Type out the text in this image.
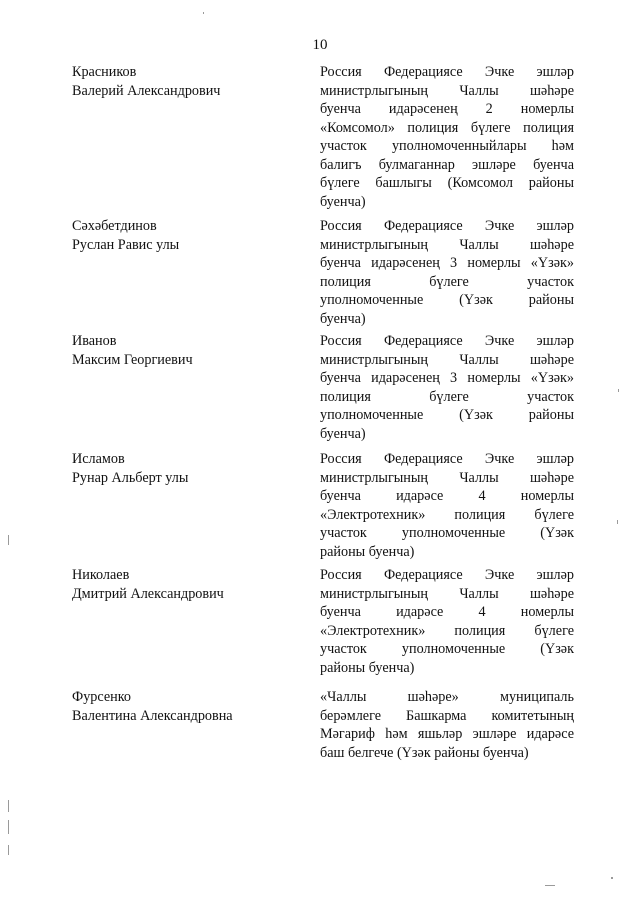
10
Красников
Валерий Александрович
Россия Федерациясе Эчке эшләр
министрлыгының Чаллы шәһәре
буенча идарәсенең 2 номерлы
«Комсомол» полиция бүлеге полиция
участок уполномоченныйлары һәм
балигъ булмаганнар эшләре буенча
бүлеге башлыгы (Комсомол районы
буенча)
Сәхәбетдинов
Руслан Равис улы
Россия Федерациясе Эчке эшләр
министрлыгының Чаллы шәһәре
буенча идарәсенең 3 номерлы «Үзәк»
полиция бүлеге участок
уполномоченные (Үзәк районы
буенча)
Иванов
Максим Георгиевич
Россия Федерациясе Эчке эшләр
министрлыгының Чаллы шәһәре
буенча идарәсенең 3 номерлы «Үзәк»
полиция бүлеге участок
уполномоченные (Үзәк районы
буенча)
Исламов
Рунар Альберт улы
Россия Федерациясе Эчке эшләр
министрлыгының Чаллы шәһәре
буенча идарәсе 4 номерлы
«Электротехник» полиция бүлеге
участок уполномоченные (Үзәк
районы буенча)
Николаев
Дмитрий Александрович
Россия Федерациясе Эчке эшләр
министрлыгының Чаллы шәһәре
буенча идарәсе 4 номерлы
«Электротехник» полиция бүлеге
участок уполномоченные (Үзәк
районы буенча)
Фурсенко
Валентина Александровна
«Чаллы шәһәре» муниципаль
берәмлеге Башкарма комитетының
Мәгариф һәм яшьләр эшләре идарәсе
баш белгече (Үзәк районы буенча)
